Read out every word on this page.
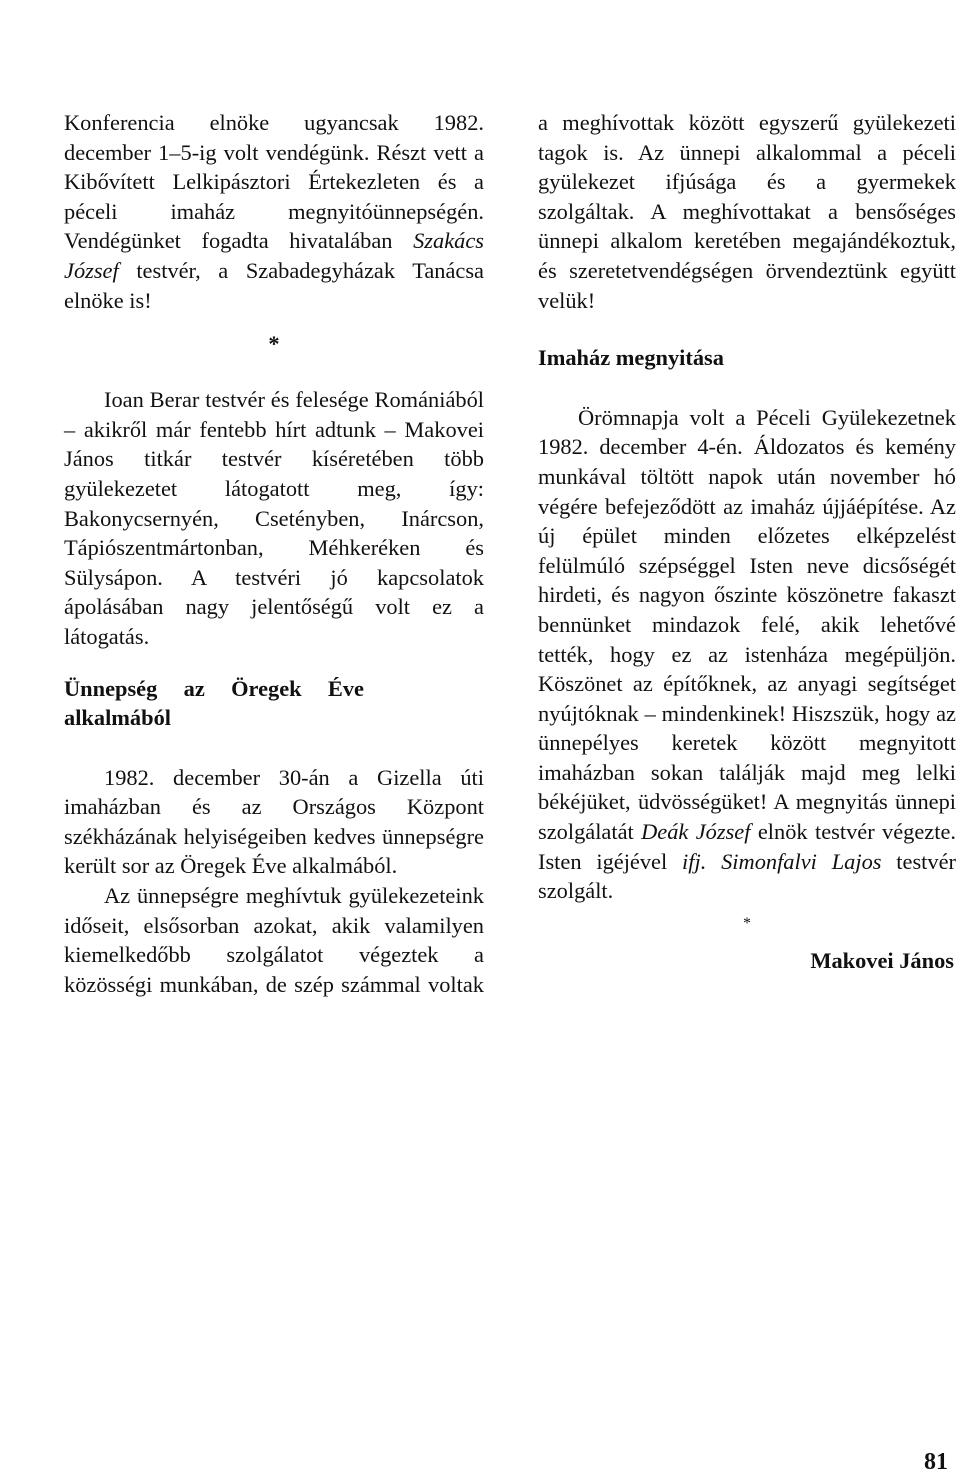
Konferencia elnöke ugyancsak 1982. december 1–5-ig volt vendégünk. Részt vett a Kibővített Lelkipásztori Értekezleten és a péceli imaház megnyitóünnepségén. Vendégünket fogadta hivatalában Szakács József testvér, a Szabadegyházak Tanácsa elnöke is!

*

Ioan Berar testvér és felesége Romániából – akikről már fentebb hírt adtunk – Makovei János titkár testvér kíséretében több gyülekezetet látogatott meg, így: Bakonycsernyén, Csetényben, Inárcson, Tápiószentmártonban, Méhkeréken és Sülysápon. A testvéri jó kapcsolatok ápolásában nagy jelentőségű volt ez a látogatás.

Ünnepség az Öregek Éve alkalmából

1982. december 30-án a Gizella úti imaházban és az Országos Központ székházának helyiségeiben kedves ünnepségre került sor az Öregek Éve alkalmából.

Az ünnepségre meghívtuk gyülekezeteink időseit, elsősorban azokat, akik valamilyen kiemelkedőbb szolgálatot végeztek a közösségi munkában, de szép számmal voltak

a meghívottak között egyszerű gyülekezeti tagok is. Az ünnepi alkalommal a péceli gyülekezet ifjúsága és a gyermekek szolgáltak. A meghívottakat a bensőséges ünnepi alkalom keretében megajándékoztuk, és szeretetvendégségen örvendeztünk együtt velük!

Imaház megnyitása

Örömnapja volt a Péceli Gyülekezetnek 1982. december 4-én. Áldozatos és kemény munkával töltött napok után november hó végére befejeződött az imaház újjáépítése. Az új épület minden előzetes elképzelést felülmúló szépséggel Isten neve dicsőségét hirdeti, és nagyon őszinte köszönetre fakaszt bennünket mindazok felé, akik lehetővé tették, hogy ez az istenháza megépüljön. Köszönet az építőknek, az anyagi segítséget nyújtóknak – mindenkinek! Hiszszük, hogy az ünnepélyes keretek között megnyitott imaházban sokan találják majd meg lelki békéjüket, üdvösségüket! A megnyitás ünnepi szolgálatát Deák József elnök testvér végezte. Isten igéjével ifj. Simonfalvi Lajos testvér szolgált.

*

Makovei János

81
